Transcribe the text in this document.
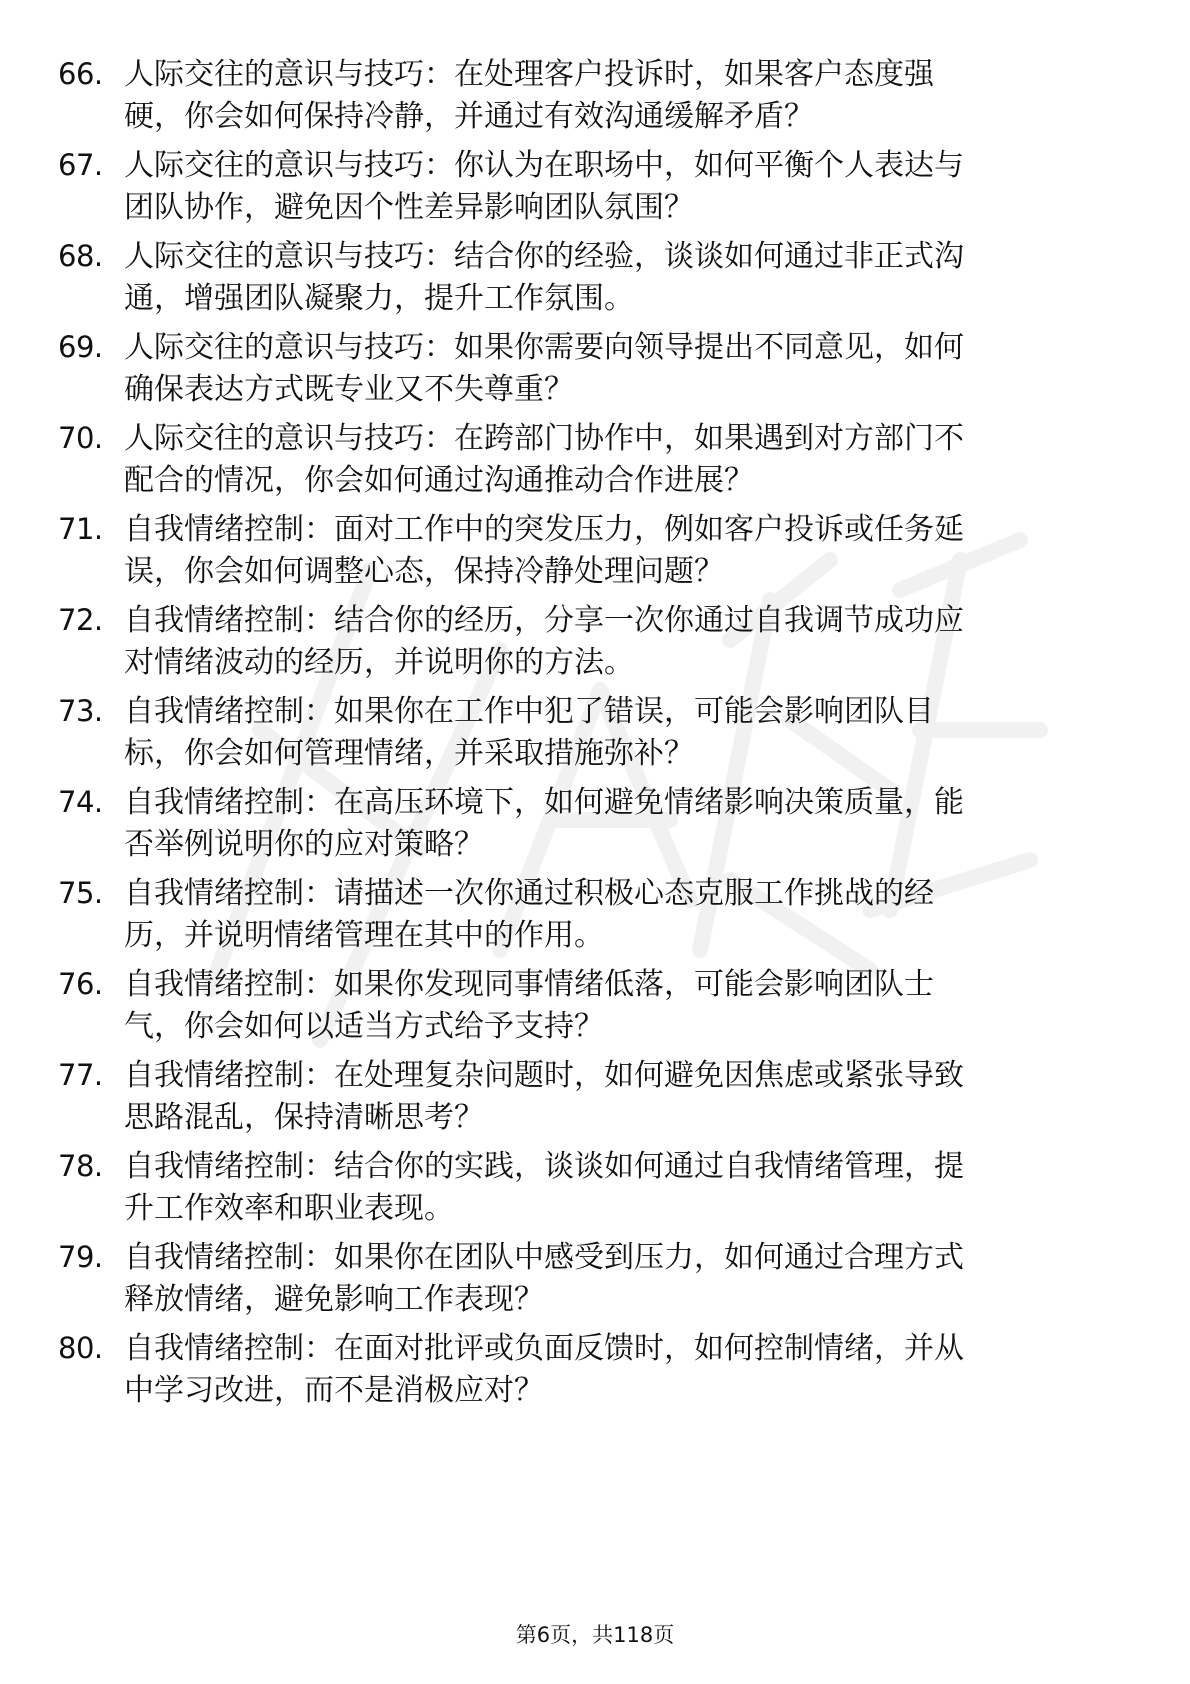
66. 人际交往的意识与技巧：在处理客户投诉时，如果客户态度强
硬，你会如何保持冷静，并通过有效沟通缓解矛盾？
67. 人际交往的意识与技巧：你认为在职场中，如何平衡个人表达与
团队协作，避免因个性差异影响团队氛围？
68. 人际交往的意识与技巧：结合你的经验，谈谈如何通过非正式沟
通，增强团队凝聚力，提升工作氛围。
69. 人际交往的意识与技巧：如果你需要向领导提出不同意见，如何
确保表达方式既专业又不失尊重？
70. 人际交往的意识与技巧：在跨部门协作中，如果遇到对方部门不
配合的情况，你会如何通过沟通推动合作进展？
71. 自我情绪控制：面对工作中的突发压力，例如客户投诉或任务延
误，你会如何调整心态，保持冷静处理问题？
72. 自我情绪控制：结合你的经历，分享一次你通过自我调节成功应
对情绪波动的经历，并说明你的方法。
73. 自我情绪控制：如果你在工作中犯了错误，可能会影响团队目
标，你会如何管理情绪，并采取措施弥补？
74. 自我情绪控制：在高压环境下，如何避免情绪影响决策质量，能
否举例说明你的应对策略？
75. 自我情绪控制：请描述一次你通过积极心态克服工作挑战的经
历，并说明情绪管理在其中的作用。
76. 自我情绪控制：如果你发现同事情绪低落，可能会影响团队士
气，你会如何以适当方式给予支持？
77. 自我情绪控制：在处理复杂问题时，如何避免因焦虑或紧张导致
思路混乱，保持清晰思考？
78. 自我情绪控制：结合你的实践，谈谈如何通过自我情绪管理，提
升工作效率和职业表现。
79. 自我情绪控制：如果你在团队中感受到压力，如何通过合理方式
释放情绪，避免影响工作表现？
80. 自我情绪控制：在面对批评或负面反馈时，如何控制情绪，并从
中学习改进，而不是消极应对？
第6页，共118页
